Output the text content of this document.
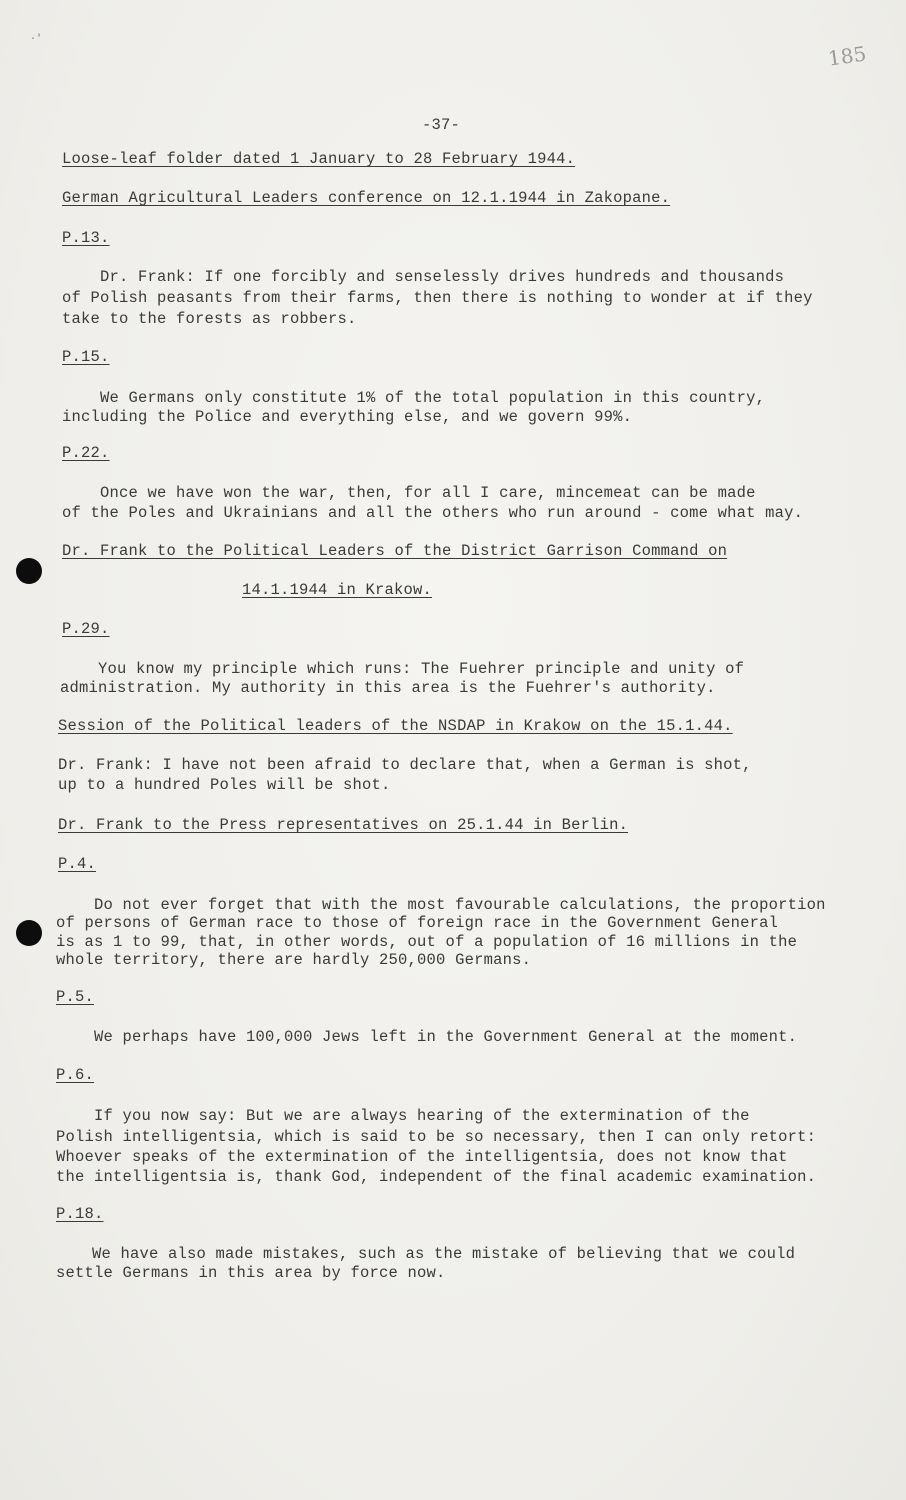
·'
185
-37-
Loose-leaf folder dated 1 January to 28 February 1944.
German Agricultural Leaders conference on 12.1.1944 in Zakopane.
P.13.
Dr. Frank: If one forcibly and senselessly drives hundreds and thousands
of Polish peasants from their farms, then there is nothing to wonder at if they
take to the forests as robbers.
P.15.
We Germans only constitute 1% of the total population in this country,
including the Police and everything else, and we govern 99%.
P.22.
Once we have won the war, then, for all I care, mincemeat can be made
of the Poles and Ukrainians and all the others who run around - come what may.
Dr. Frank to the Political Leaders of the District Garrison Command on
14.1.1944 in Krakow.
P.29.
You know my principle which runs: The Fuehrer principle and unity of
administration. My authority in this area is the Fuehrer's authority.
Session of the Political leaders of the NSDAP in Krakow on the 15.1.44.
Dr. Frank: I have not been afraid to declare that, when a German is shot,
up to a hundred Poles will be shot.
Dr. Frank to the Press representatives on 25.1.44 in Berlin.
P.4.
Do not ever forget that with the most favourable calculations, the proportion
of persons of German race to those of foreign race in the Government General
is as 1 to 99, that, in other words, out of a population of 16 millions in the
whole territory, there are hardly 250,000 Germans.
P.5.
We perhaps have 100,000 Jews left in the Government General at the moment.
P.6.
If you now say: But we are always hearing of the extermination of the
Polish intelligentsia, which is said to be so necessary, then I can only retort:
Whoever speaks of the extermination of the intelligentsia, does not know that
the intelligentsia is, thank God, independent of the final academic examination.
P.18.
We have also made mistakes, such as the mistake of believing that we could
settle Germans in this area by force now.
